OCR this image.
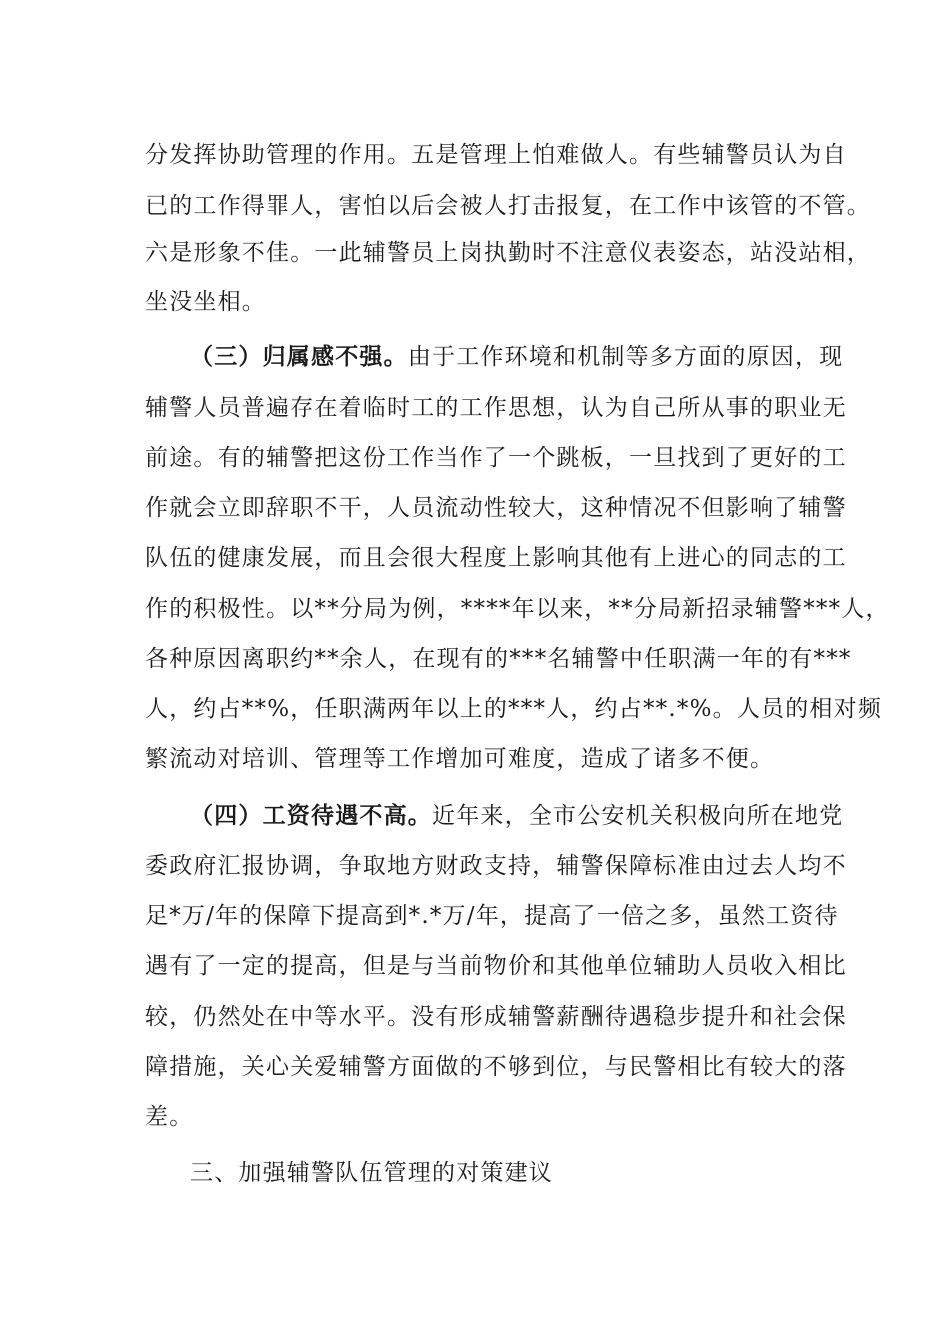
分发挥协助管理的作用。五是管理上怕难做人。有些辅警员认为自
已的工作得罪人，害怕以后会被人打击报复，在工作中该管的不管。
六是形象不佳。一此辅警员上岗执勤时不注意仪表姿态，站没站相，
坐没坐相。
（三）归属感不强。由于工作环境和机制等多方面的原因，现
辅警人员普遍存在着临时工的工作思想，认为自己所从事的职业无
前途。有的辅警把这份工作当作了一个跳板，一旦找到了更好的工
作就会立即辞职不干，人员流动性较大，这种情况不但影响了辅警
队伍的健康发展，而且会很大程度上影响其他有上进心的同志的工
作的积极性。以**分局为例，****年以来，**分局新招录辅警***人，
各种原因离职约**余人，在现有的***名辅警中任职满一年的有***
人，约占**%，任职满两年以上的***人，约占**.*%。人员的相对频
繁流动对培训、管理等工作增加可难度，造成了诸多不便。
（四）工资待遇不高。近年来，全市公安机关积极向所在地党
委政府汇报协调，争取地方财政支持，辅警保障标准由过去人均不
足*万/年的保障下提高到*.*万/年，提高了一倍之多，虽然工资待
遇有了一定的提高，但是与当前物价和其他单位辅助人员收入相比
较，仍然处在中等水平。没有形成辅警薪酬待遇稳步提升和社会保
障措施，关心关爱辅警方面做的不够到位，与民警相比有较大的落
差。
三、加强辅警队伍管理的对策建议
